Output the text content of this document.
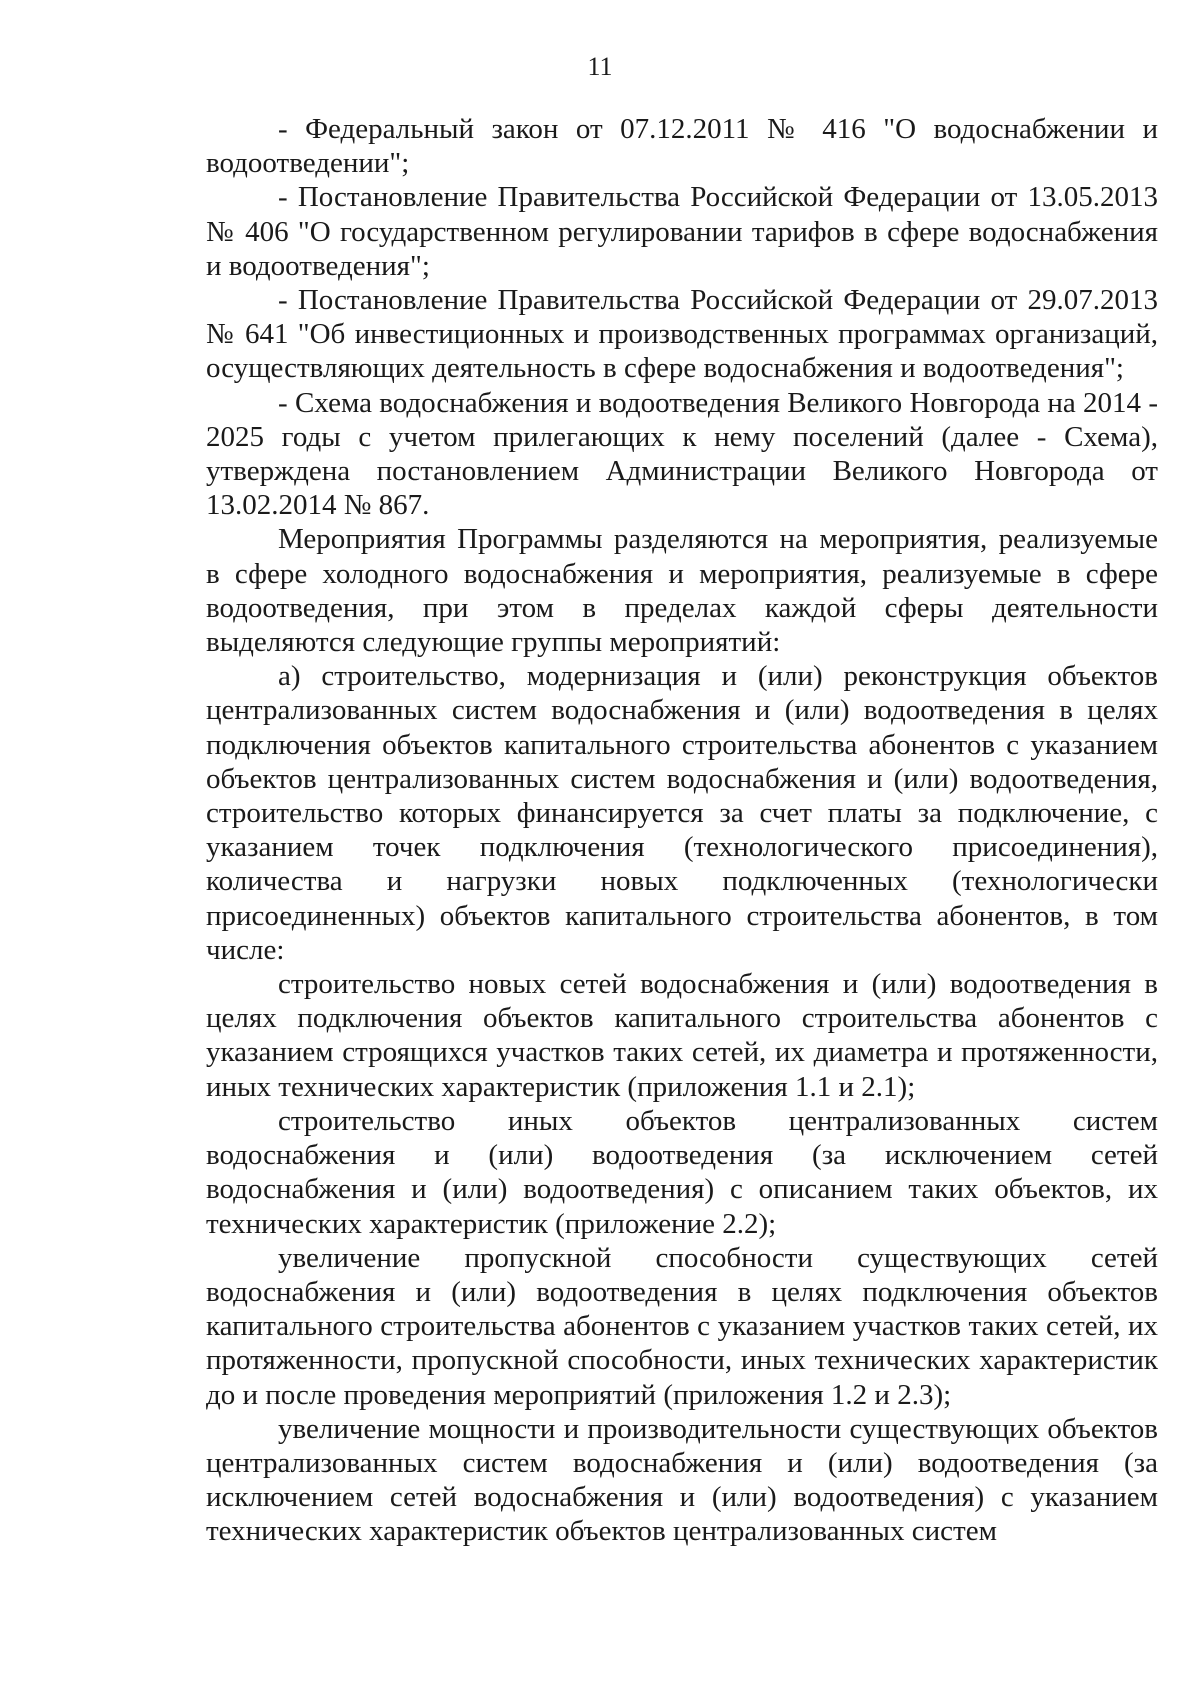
11

- Федеральный закон от 07.12.2011 № 416 "О водоснабжении и водоотведении";

- Постановление Правительства Российской Федерации от 13.05.2013 № 406 "О государственном регулировании тарифов в сфере водоснабжения и водоотведения";

- Постановление Правительства Российской Федерации от 29.07.2013 № 641 "Об инвестиционных и производственных программах организаций, осуществляющих деятельность в сфере водоснабжения и водоотведения";

- Схема водоснабжения и водоотведения Великого Новгорода на 2014 - 2025 годы с учетом прилегающих к нему поселений (далее - Схема), утверждена постановлением Администрации Великого Новгорода от 13.02.2014 № 867.

Мероприятия Программы разделяются на мероприятия, реализуемые в сфере холодного водоснабжения и мероприятия, реализуемые в сфере водоотведения, при этом в пределах каждой сферы деятельности выделяются следующие группы мероприятий:

а) строительство, модернизация и (или) реконструкция объектов централизованных систем водоснабжения и (или) водоотведения в целях подключения объектов капитального строительства абонентов с указанием объектов централизованных систем водоснабжения и (или) водоотведения, строительство которых финансируется за счет платы за подключение, с указанием точек подключения (технологического присоединения), количества и нагрузки новых подключенных (технологически присоединенных) объектов капитального строительства абонентов, в том числе:

строительство новых сетей водоснабжения и (или) водоотведения в целях подключения объектов капитального строительства абонентов с указанием строящихся участков таких сетей, их диаметра и протяженности, иных технических характеристик (приложения 1.1 и 2.1);

строительство иных объектов централизованных систем водоснабжения и (или) водоотведения (за исключением сетей водоснабжения и (или) водоотведения) с описанием таких объектов, их технических характеристик (приложение 2.2);

увеличение пропускной способности существующих сетей водоснабжения и (или) водоотведения в целях подключения объектов капитального строительства абонентов с указанием участков таких сетей, их протяженности, пропускной способности, иных технических характеристик до и после проведения мероприятий (приложения 1.2 и 2.3);

увеличение мощности и производительности существующих объектов централизованных систем водоснабжения и (или) водоотведения (за исключением сетей водоснабжения и (или) водоотведения) с указанием технических характеристик объектов централизованных систем
